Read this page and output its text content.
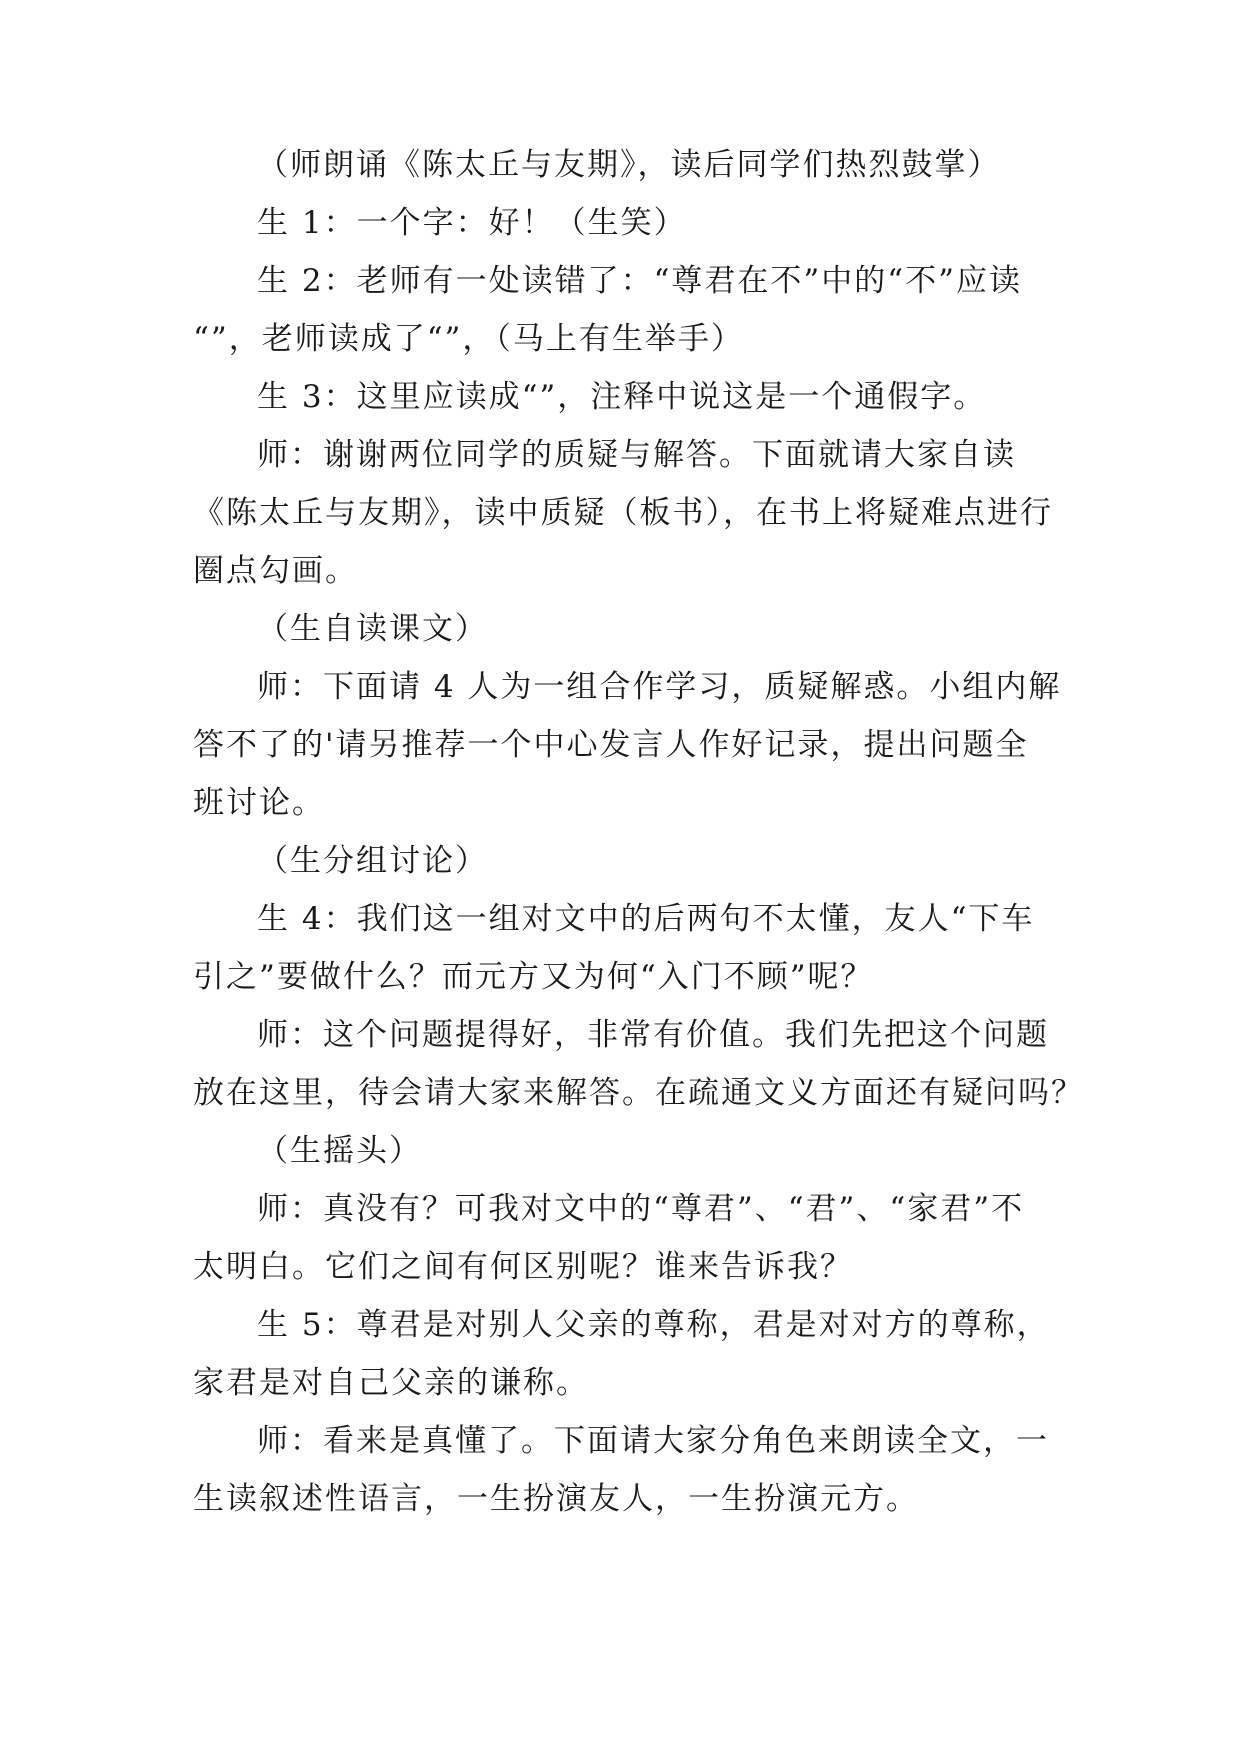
（师朗诵《陈太丘与友期》，读后同学们热烈鼓掌）

生 1：一个字：好！（生笑）

生 2：老师有一处读错了：“尊君在不”中的“不”应读
“”，老师读成了“”，（马上有生举手）

生 3：这里应读成“”，注释中说这是一个通假字。

师：谢谢两位同学的质疑与解答。下面就请大家自读
《陈太丘与友期》，读中质疑（板书），在书上将疑难点进行
圈点勾画。

（生自读课文）

师：下面请 4 人为一组合作学习，质疑解惑。小组内解
答不了的'请另推荐一个中心发言人作好记录，提出问题全
班讨论。

（生分组讨论）

生 4：我们这一组对文中的后两句不太懂，友人“下车
引之”要做什么？而元方又为何“入门不顾”呢？

师：这个问题提得好，非常有价值。我们先把这个问题
放在这里，待会请大家来解答。在疏通文义方面还有疑问吗？

（生摇头）

师：真没有？可我对文中的“尊君”、“君”、“家君”不
太明白。它们之间有何区别呢？谁来告诉我？

生 5：尊君是对别人父亲的尊称，君是对对方的尊称，
家君是对自己父亲的谦称。

师：看来是真懂了。下面请大家分角色来朗读全文，一
生读叙述性语言，一生扮演友人，一生扮演元方。
